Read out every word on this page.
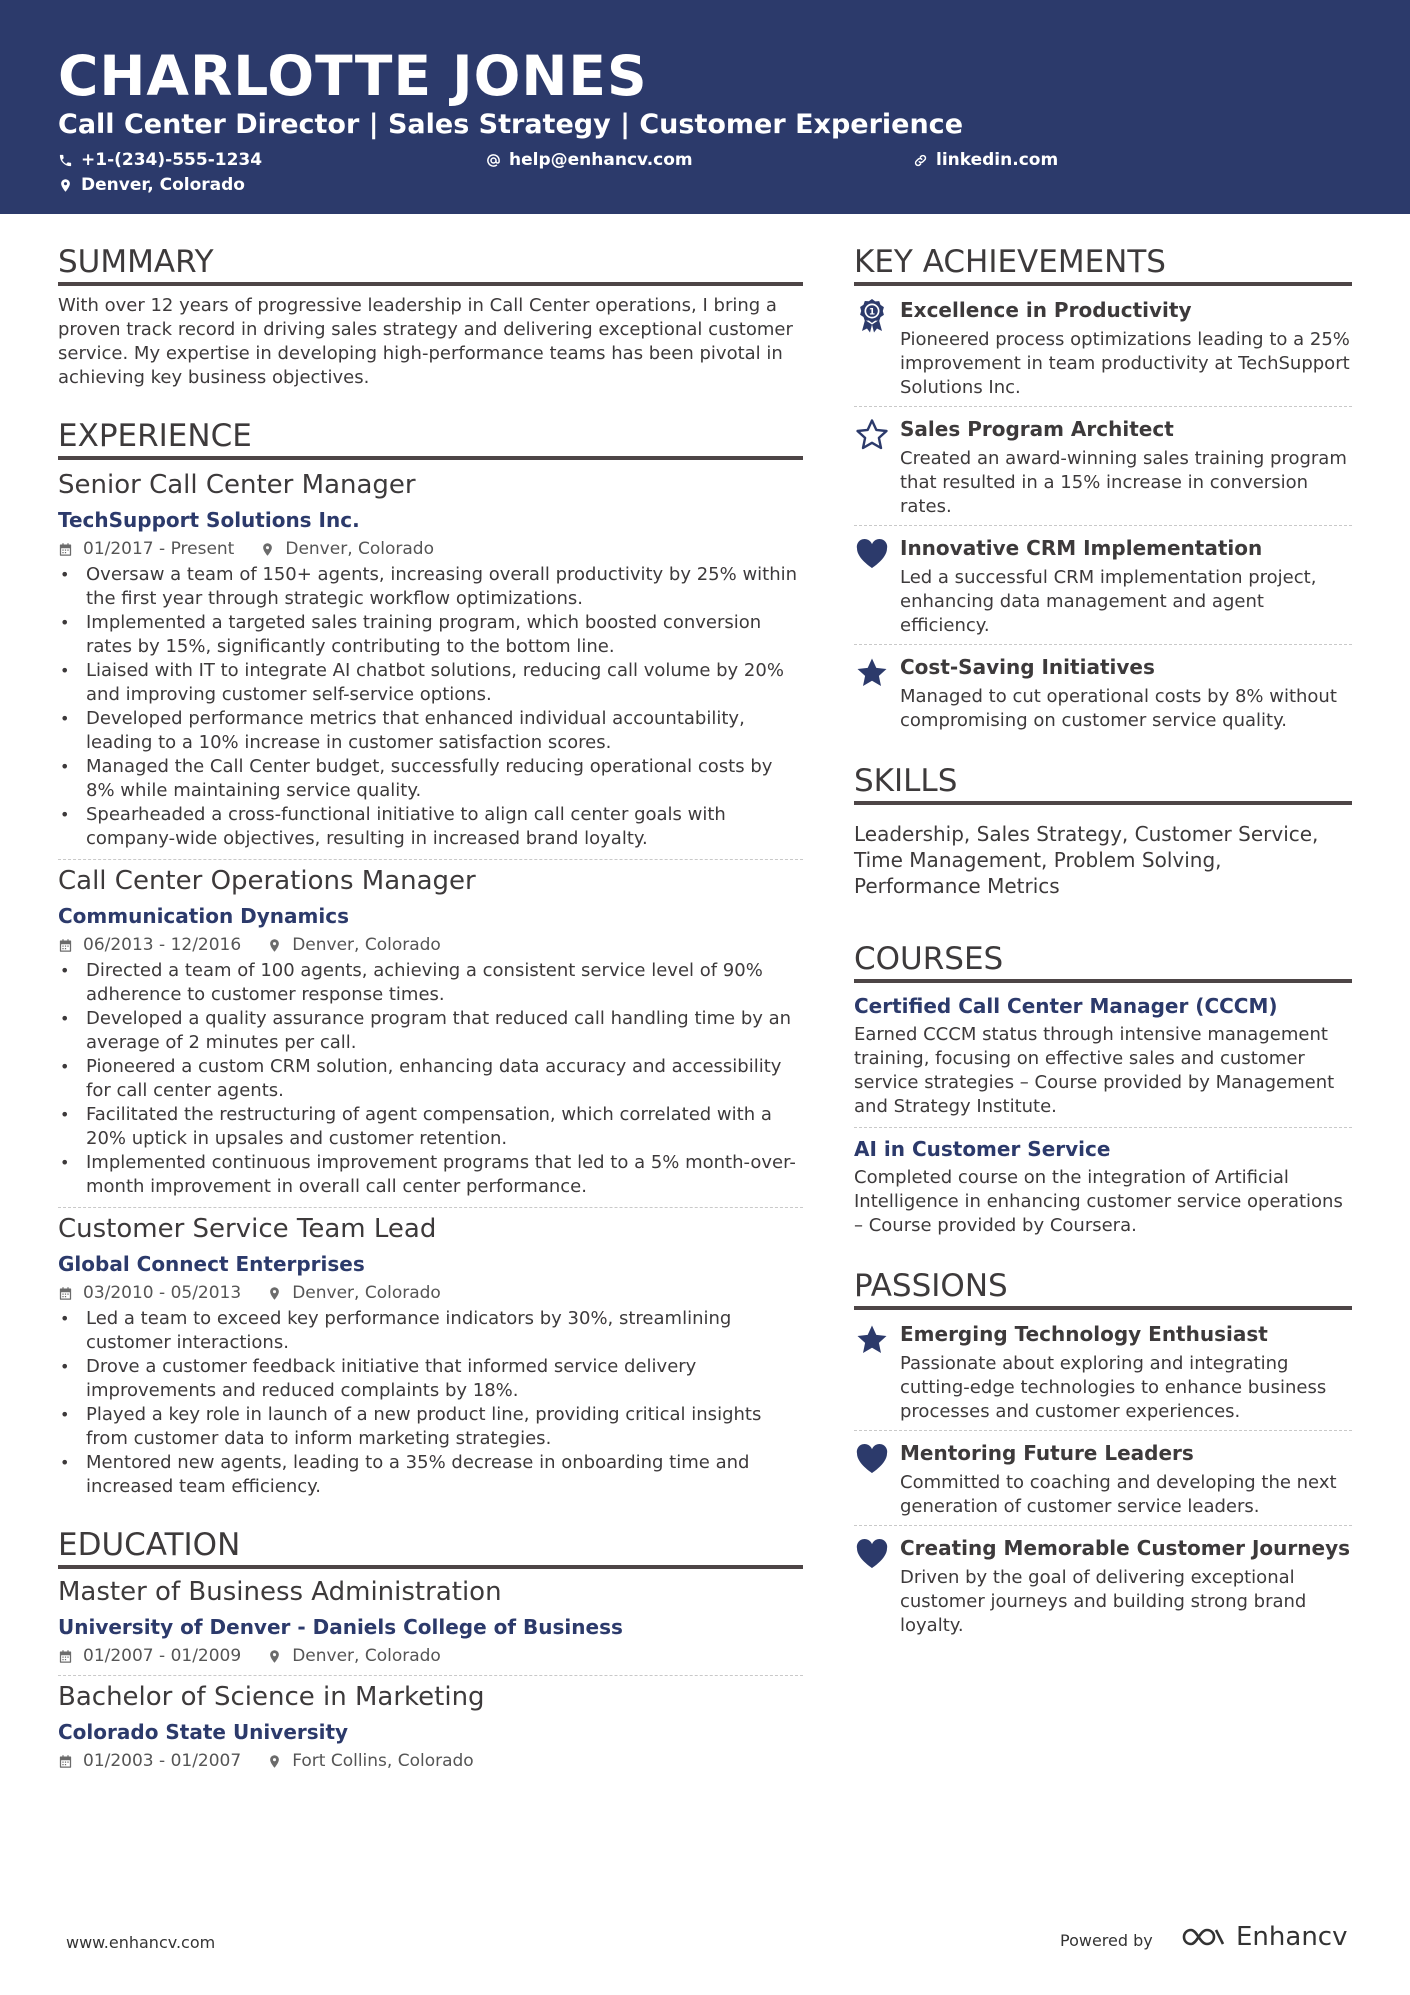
CHARLOTTE JONES
Call Center Director | Sales Strategy | Customer Experience
+1-(234)-555-1234	help@enhancv.com	linkedin.com
Denver, Colorado
SUMMARY
With over 12 years of progressive leadership in Call Center operations, I bring a proven track record in driving sales strategy and delivering exceptional customer service. My expertise in developing high-performance teams has been pivotal in achieving key business objectives.
EXPERIENCE
Senior Call Center Manager
TechSupport Solutions Inc.
01/2017 - Present	Denver, Colorado
• Oversaw a team of 150+ agents, increasing overall productivity by 25% within the first year through strategic workflow optimizations.
• Implemented a targeted sales training program, which boosted conversion rates by 15%, significantly contributing to the bottom line.
• Liaised with IT to integrate AI chatbot solutions, reducing call volume by 20% and improving customer self-service options.
• Developed performance metrics that enhanced individual accountability, leading to a 10% increase in customer satisfaction scores.
• Managed the Call Center budget, successfully reducing operational costs by 8% while maintaining service quality.
• Spearheaded a cross-functional initiative to align call center goals with company-wide objectives, resulting in increased brand loyalty.
Call Center Operations Manager
Communication Dynamics
06/2013 - 12/2016	Denver, Colorado
• Directed a team of 100 agents, achieving a consistent service level of 90% adherence to customer response times.
• Developed a quality assurance program that reduced call handling time by an average of 2 minutes per call.
• Pioneered a custom CRM solution, enhancing data accuracy and accessibility for call center agents.
• Facilitated the restructuring of agent compensation, which correlated with a 20% uptick in upsales and customer retention.
• Implemented continuous improvement programs that led to a 5% month-over-month improvement in overall call center performance.
Customer Service Team Lead
Global Connect Enterprises
03/2010 - 05/2013	Denver, Colorado
• Led a team to exceed key performance indicators by 30%, streamlining customer interactions.
• Drove a customer feedback initiative that informed service delivery improvements and reduced complaints by 18%.
• Played a key role in launch of a new product line, providing critical insights from customer data to inform marketing strategies.
• Mentored new agents, leading to a 35% decrease in onboarding time and increased team efficiency.
EDUCATION
Master of Business Administration
University of Denver - Daniels College of Business
01/2007 - 01/2009	Denver, Colorado
Bachelor of Science in Marketing
Colorado State University
01/2003 - 01/2007	Fort Collins, Colorado
KEY ACHIEVEMENTS
1 Excellence in Productivity
Pioneered process optimizations leading to a 25% improvement in team productivity at TechSupport Solutions Inc.
Sales Program Architect
Created an award-winning sales training program that resulted in a 15% increase in conversion rates.
Innovative CRM Implementation
Led a successful CRM implementation project, enhancing data management and agent efficiency.
Cost-Saving Initiatives
Managed to cut operational costs by 8% without compromising on customer service quality.
SKILLS
Leadership, Sales Strategy, Customer Service, Time Management, Problem Solving, Performance Metrics
COURSES
Certified Call Center Manager (CCCM)
Earned CCCM status through intensive management training, focusing on effective sales and customer service strategies – Course provided by Management and Strategy Institute.
AI in Customer Service
Completed course on the integration of Artificial Intelligence in enhancing customer service operations – Course provided by Coursera.
PASSIONS
Emerging Technology Enthusiast
Passionate about exploring and integrating cutting-edge technologies to enhance business processes and customer experiences.
Mentoring Future Leaders
Committed to coaching and developing the next generation of customer service leaders.
Creating Memorable Customer Journeys
Driven by the goal of delivering exceptional customer journeys and building strong brand loyalty.
www.enhancv.com	Powered by	Enhancv
